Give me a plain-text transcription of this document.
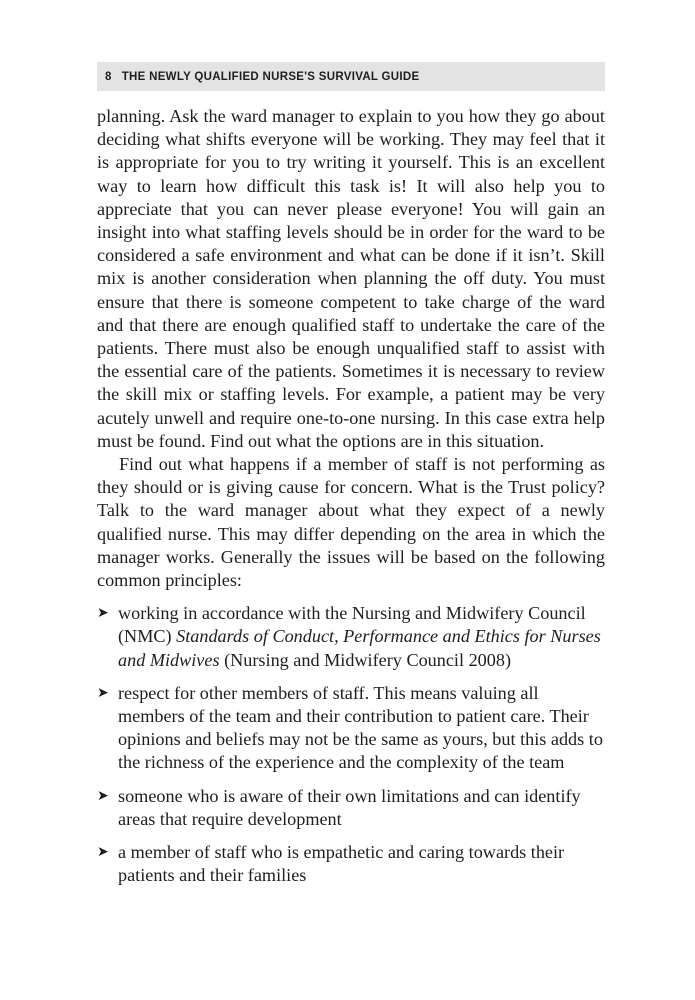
8 THE NEWLY QUALIFIED NURSE'S SURVIVAL GUIDE

planning. Ask the ward manager to explain to you how they go about deciding what shifts everyone will be working. They may feel that it is appropriate for you to try writing it yourself. This is an excellent way to learn how difficult this task is! It will also help you to appreciate that you can never please everyone! You will gain an insight into what staffing levels should be in order for the ward to be considered a safe environment and what can be done if it isn’t. Skill mix is another consideration when planning the off duty. You must ensure that there is someone competent to take charge of the ward and that there are enough qualified staff to undertake the care of the patients. There must also be enough unqualified staff to assist with the essential care of the patients. Sometimes it is necessary to review the skill mix or staffing levels. For example, a patient may be very acutely unwell and require one-to-one nursing. In this case extra help must be found. Find out what the options are in this situation.

Find out what happens if a member of staff is not performing as they should or is giving cause for concern. What is the Trust policy? Talk to the ward manager about what they expect of a newly qualified nurse. This may differ depending on the area in which the manager works. Generally the issues will be based on the following common principles:

➤ working in accordance with the Nursing and Midwifery Council (NMC) Standards of Conduct, Performance and Ethics for Nurses and Midwives (Nursing and Midwifery Council 2008)
➤ respect for other members of staff. This means valuing all members of the team and their contribution to patient care. Their opinions and beliefs may not be the same as yours, but this adds to the richness of the experience and the complexity of the team
➤ someone who is aware of their own limitations and can identify areas that require development
➤ a member of staff who is empathetic and caring towards their patients and their families
